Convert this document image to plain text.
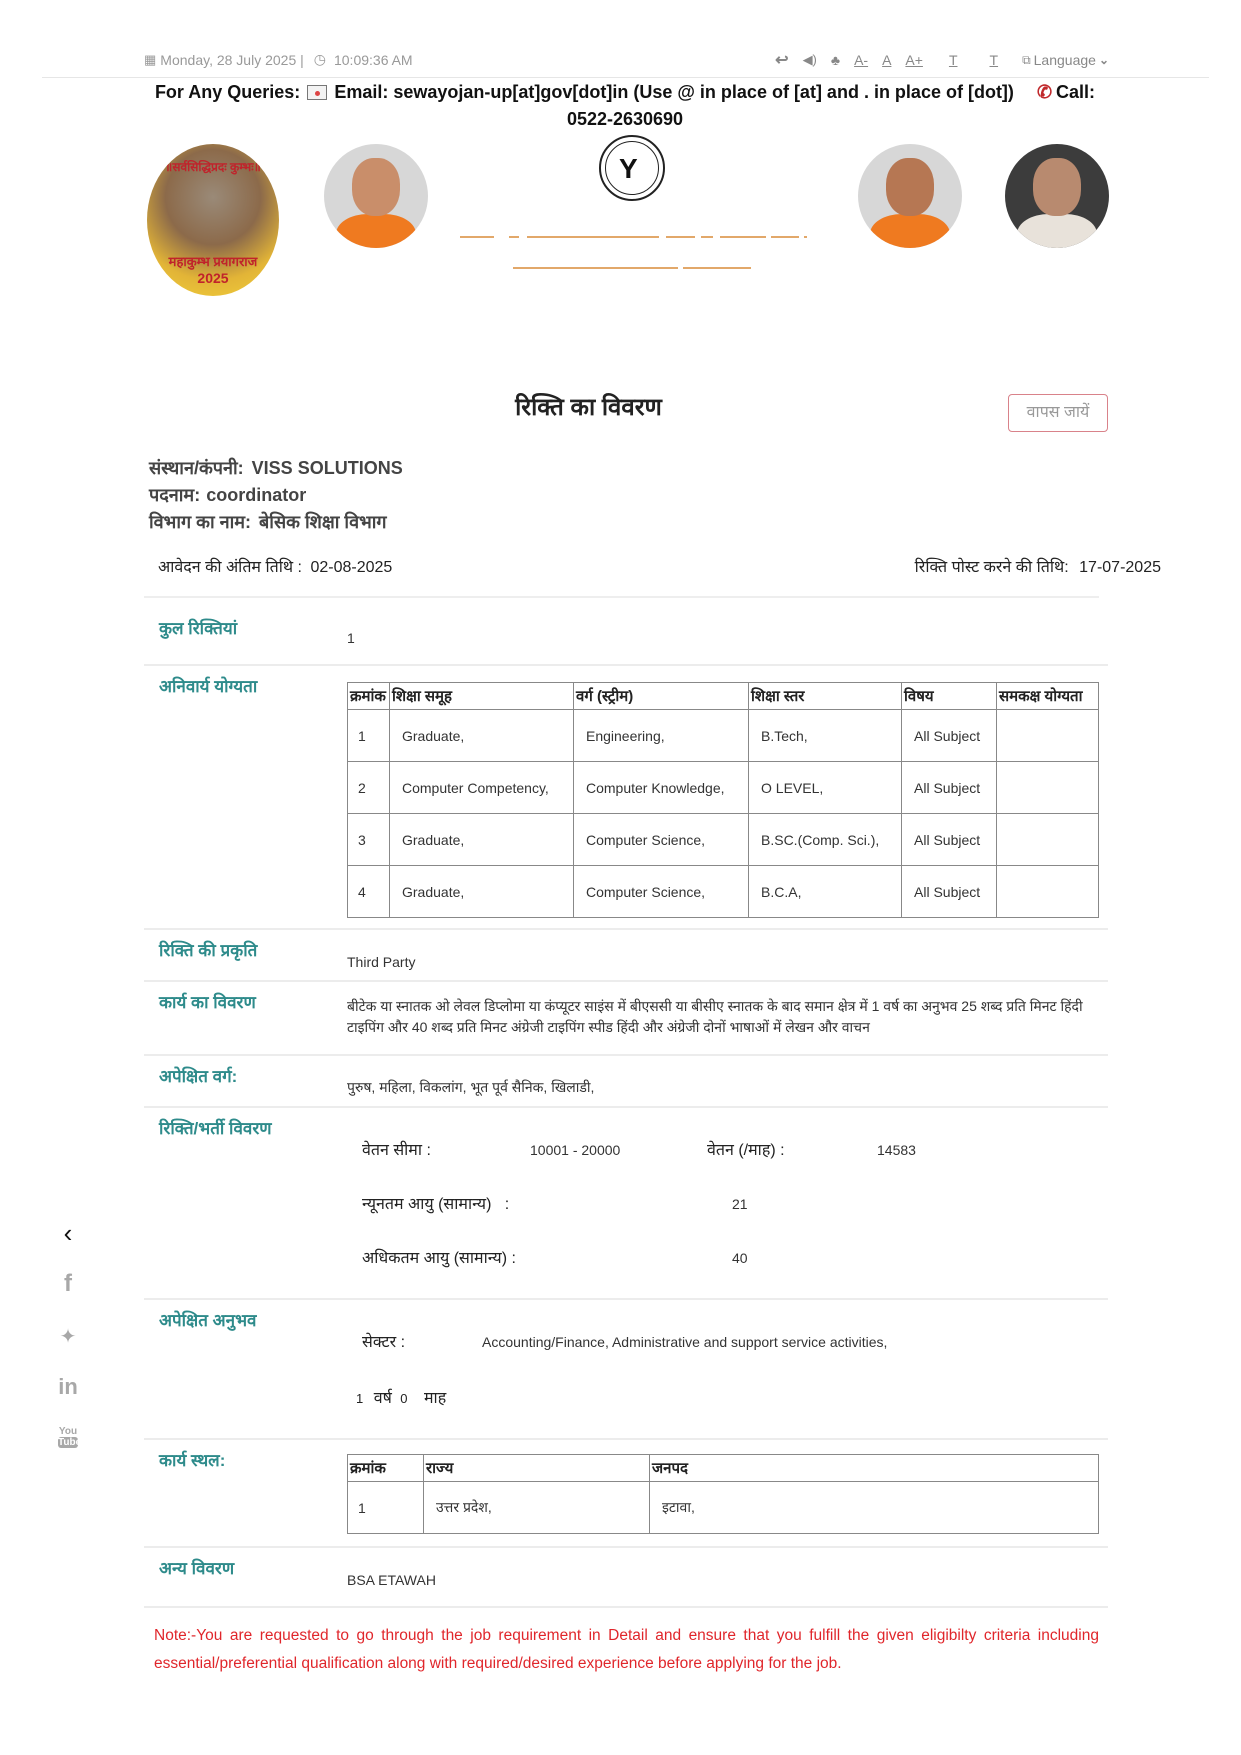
▦ Monday, 28 July 2025 | ◷ 10:09:36 AM	↩ ◀) ♣ A- A A+ T T ⧉ Language ⌄
For Any Queries: Email: sewayojan-up[at]gov[dot]in (Use @ in place of [at] and . in place of [dot]) ✆ Call:
0522-2630690
॥सर्वसिद्धिप्रदः कुम्भः॥
महाकुम्भ प्रयागराज
2025
Y
रिक्ति का विवरण	वापस जायें
संस्थान/कंपनी: VISS SOLUTIONS
पदनाम: coordinator
विभाग का नाम: बेसिक शिक्षा विभाग
आवेदन की अंतिम तिथि : 02-08-2025	रिक्ति पोस्ट करने की तिथि: 17-07-2025
कुल रिक्तियां	1
अनिवार्य योग्यता
क्रमांक	शिक्षा समूह	वर्ग (स्ट्रीम)	शिक्षा स्तर	विषय	समकक्ष योग्यता
1	Graduate,	Engineering,	B.Tech,	All Subject	
2	Computer Competency,	Computer Knowledge,	O LEVEL,	All Subject	
3	Graduate,	Computer Science,	B.SC.(Comp. Sci.),	All Subject	
4	Graduate,	Computer Science,	B.C.A,	All Subject	
रिक्ति की प्रकृति
Third Party
कार्य का विवरण	बीटेक या स्नातक ओ लेवल डिप्लोमा या कंप्यूटर साइंस में बीएससी या बीसीए स्नातक के बाद समान क्षेत्र में 1 वर्ष का अनुभव 25 शब्द प्रति मिनट हिंदी टाइपिंग और 40 शब्द प्रति मिनट अंग्रेजी टाइपिंग स्पीड हिंदी और अंग्रेजी दोनों भाषाओं में लेखन और वाचन
अपेक्षित वर्ग:
पुरुष, महिला, विकलांग, भूत पूर्व सैनिक, खिलाडी,
रिक्ति/भर्ती विवरण
वेतन सीमा :	10001 - 20000	वेतन (/माह) :	14583
न्यूनतम आयु (सामान्य)   :	21
अधिकतम आयु (सामान्य) :	40
अपेक्षित अनुभव
सेक्टर :	Accounting/Finance, Administrative and support service activities,
1 वर्ष 0 माह
कार्य स्थल:	क्रमांक	राज्य	जनपद
1	उत्तर प्रदेश,	इटावा,
अन्य विवरण
BSA ETAWAH
Note:-You are requested to go through the job requirement in Detail and ensure that you fulfill the given eligibilty criteria including essential/preferential qualification along with required/desired experience before applying for the job.
‹
f
✦
in
You
Tube
